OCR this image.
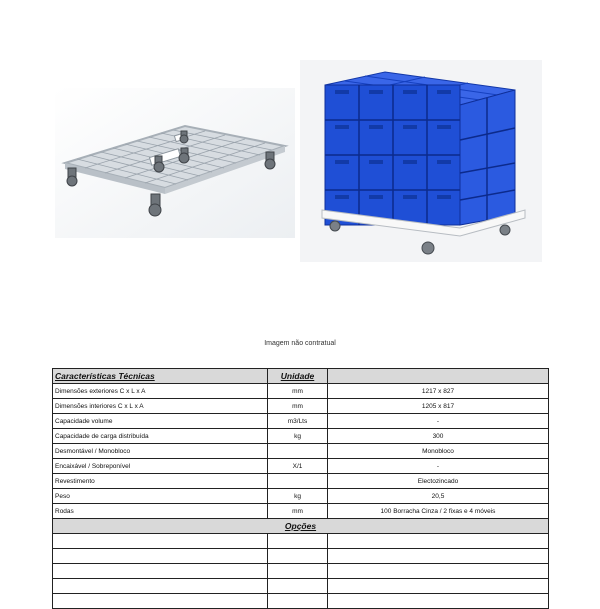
Imagem não contratual
Características Técnicas	Unidade	
Dimensões exteriores C x L x A	mm	1217 x 827
Dimensões interiores C x L x A	mm	1205 x 817
Capacidade volume	m3/Lts	-
Capacidade de carga distribuída	kg	300
Desmontável / Monobloco		Monobloco
Encaixável / Sobreponível	X/1	-
Revestimento		Electozincado
Peso	kg	20,5
Rodas	mm	100 Borracha Cinza / 2 fixas e 4 móveis
Opções		
